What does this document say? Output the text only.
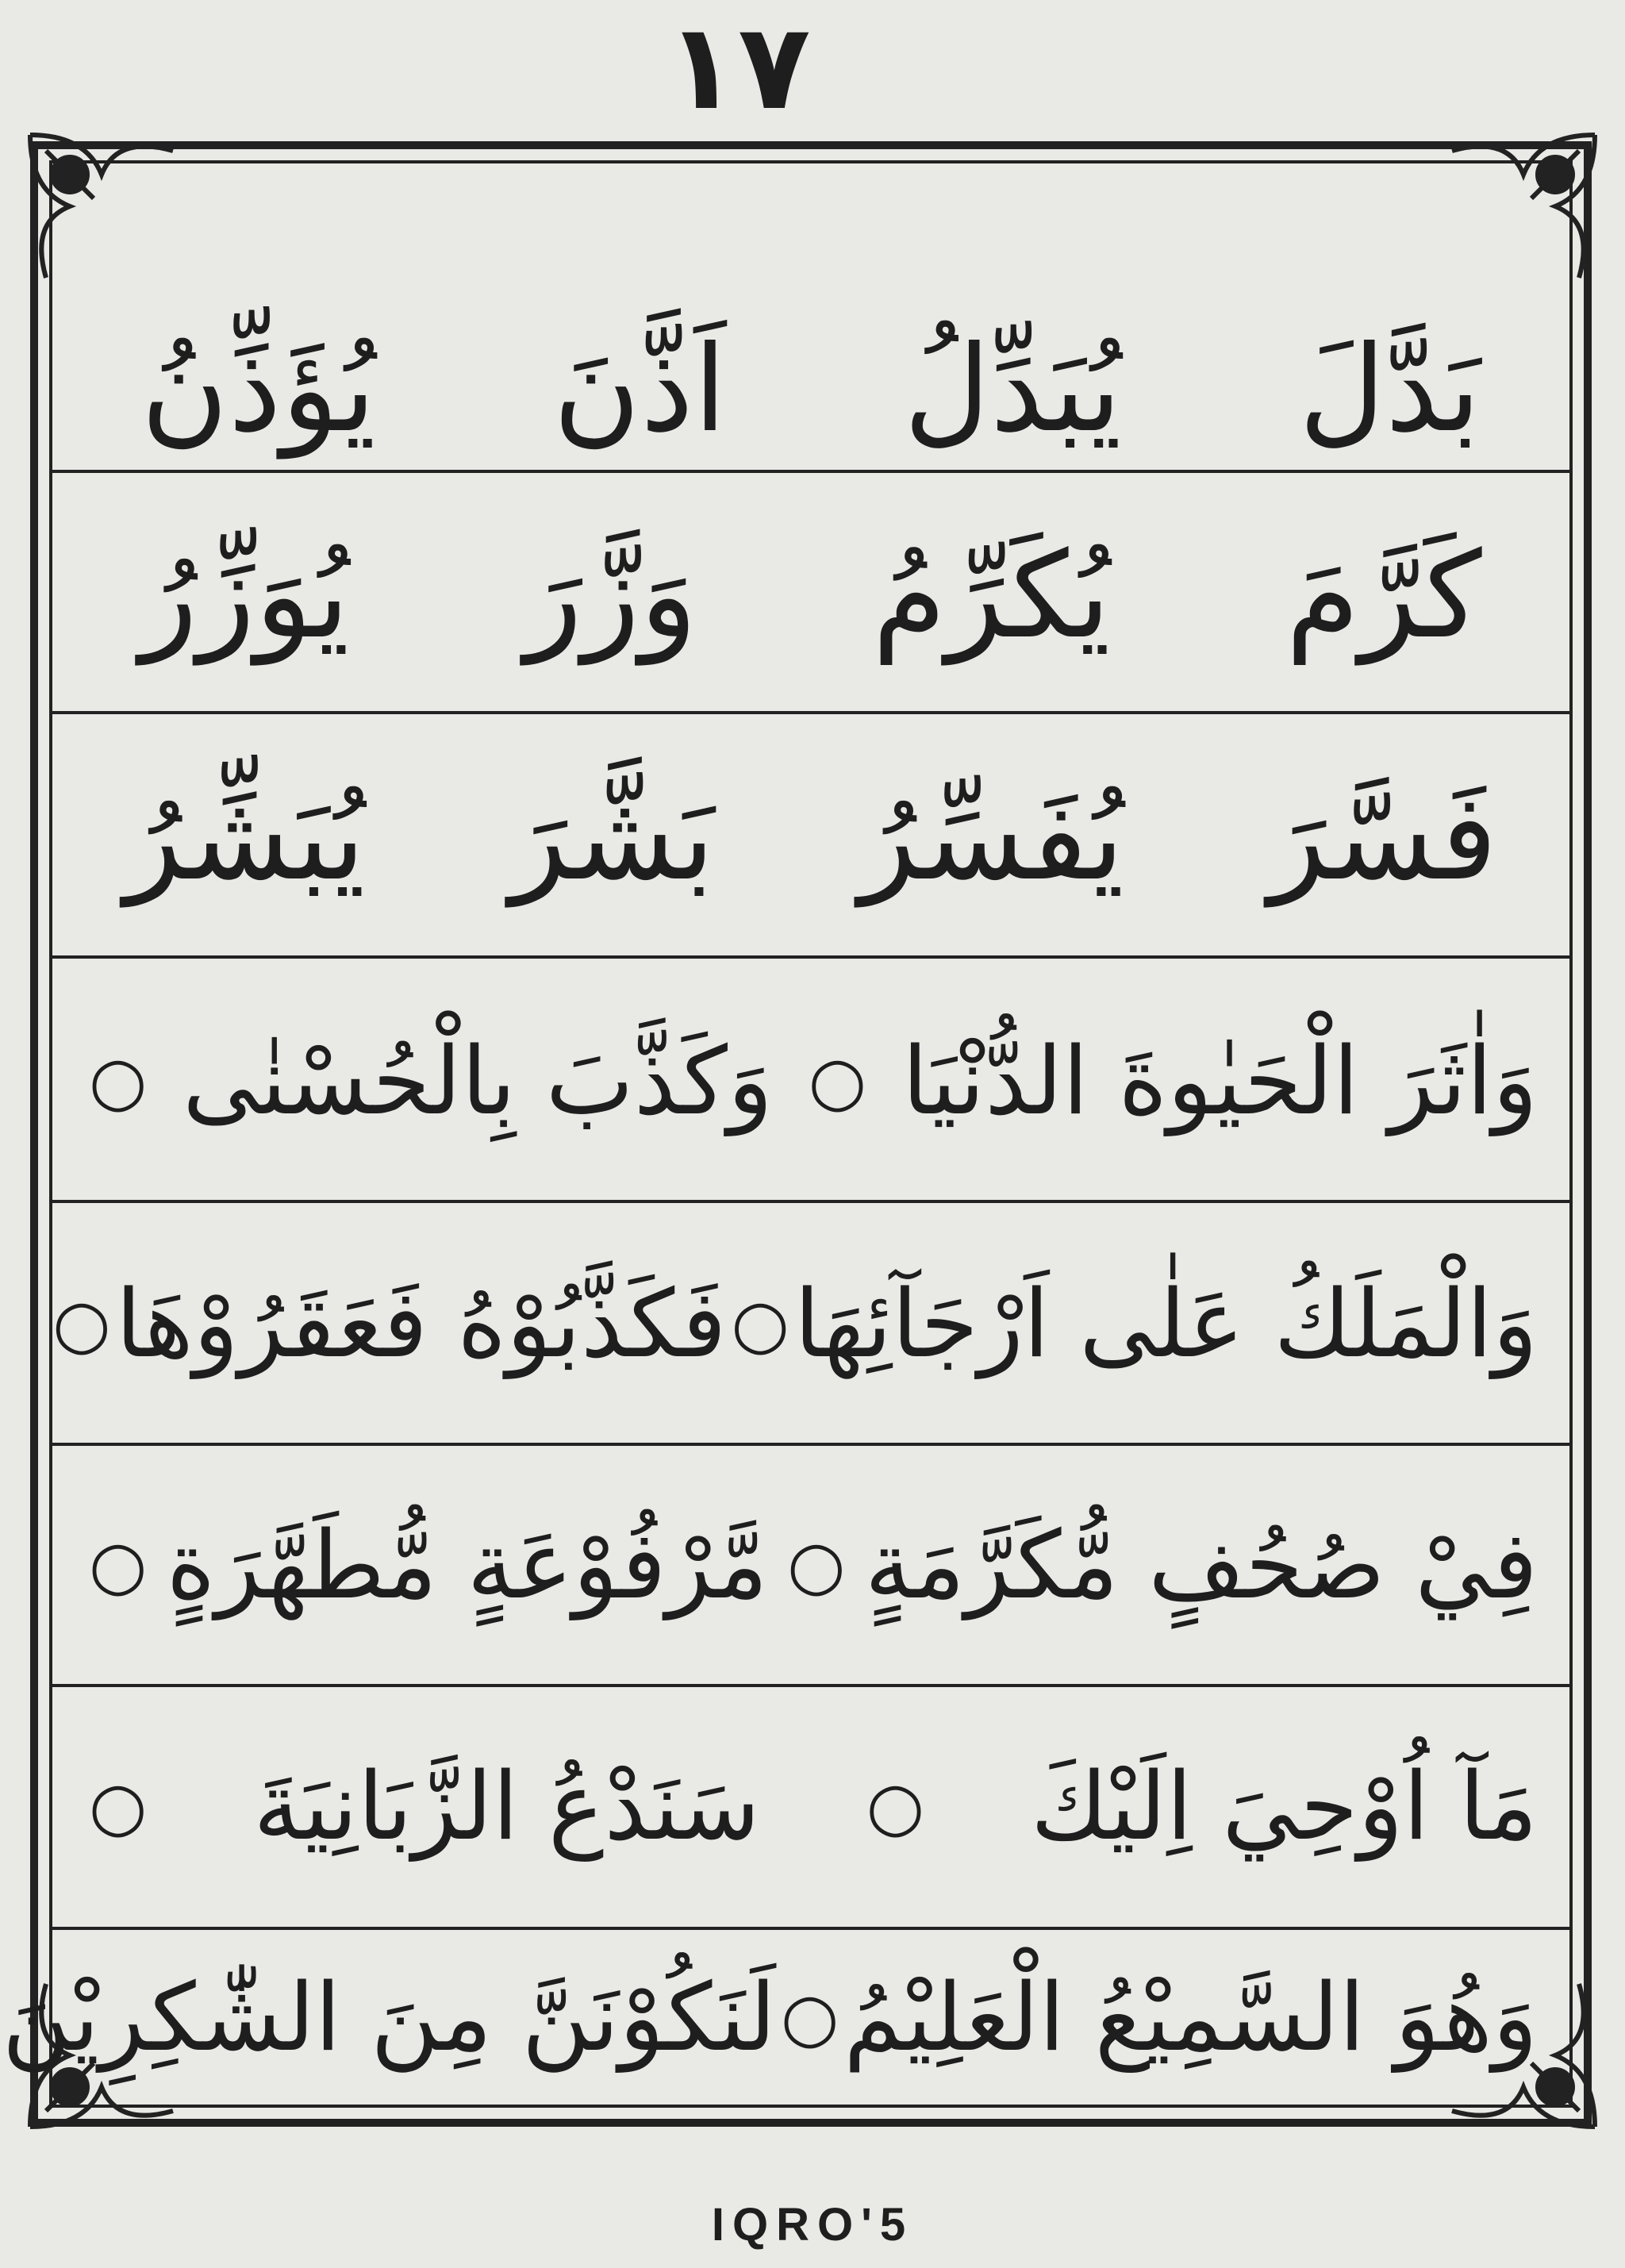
١٧
بَدَّلَ
يُبَدِّلُ
اَذَّنَ
يُؤَذِّنُ
كَرَّمَ
يُكَرِّمُ
وَزَّرَ
يُوَزِّرُ
فَسَّرَ
يُفَسِّرُ
بَشَّرَ
يُبَشِّرُ
وَاٰثَرَ الْحَيٰوةَ الدُّنْيَا
○
وَكَذَّبَ بِالْحُسْنٰى
○
وَالْمَلَكُ عَلٰى اَرْجَآئِهَا
○
فَكَذَّبُوْهُ فَعَقَرُوْهَا
○
فِيْ صُحُفٍ مُّكَرَّمَةٍ
○
مَّرْفُوْعَةٍ مُّطَهَّرَةٍ
○
مَآ اُوْحِيَ اِلَيْكَ
○
سَنَدْعُ الزَّبَانِيَةَ
○
وَهُوَ السَّمِيْعُ الْعَلِيْمُ
○
لَنَكُوْنَنَّ مِنَ الشّٰكِرِيْنَ
IQRO'5
